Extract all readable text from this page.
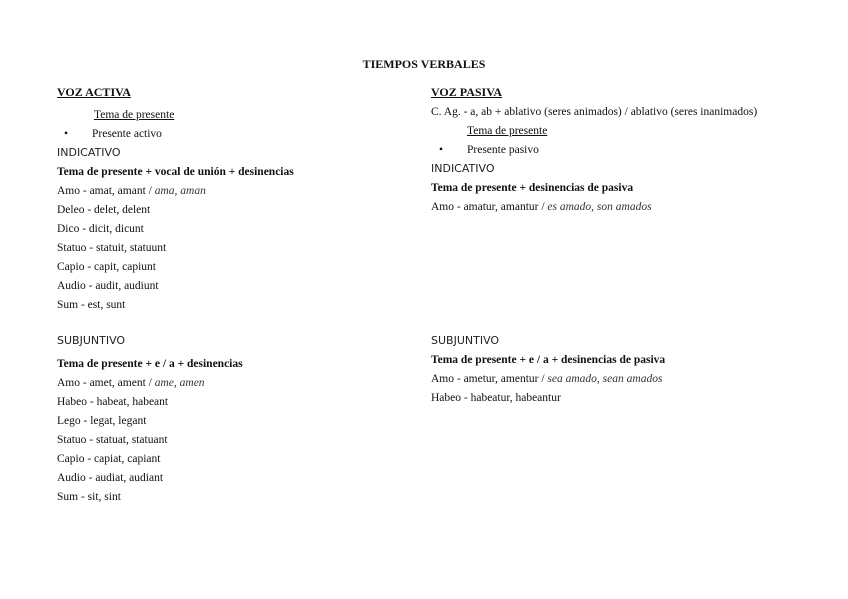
TIEMPOS VERBALES
VOZ ACTIVA
Tema de presente
Presente activo
INDICATIVO
Tema de presente + vocal de unión + desinencias
Amo - amat, amant / ama, aman
Deleo - delet, delent
Dico - dicit, dicunt
Statuo - statuit, statuunt
Capio - capit, capiunt
Audio - audit, audiunt
Sum - est, sunt
SUBJUNTIVO
Tema de presente + e / a + desinencias
Amo - amet, ament / ame, amen
Habeo - habeat, habeant
Lego - legat, legant
Statuo - statuat, statuant
Capio - capiat, capiant
Audio - audiat, audiant
Sum - sit, sint
VOZ PASIVA
C. Ag. - a, ab + ablativo (seres animados) / ablativo (seres inanimados)
Tema de presente
Presente pasivo
INDICATIVO
Tema de presente + desinencias de pasiva
Amo - amatur, amantur / es amado, son amados
SUBJUNTIVO
Tema de presente + e / a + desinencias de pasiva
Amo - ametur, amentur / sea amado, sean amados
Habeo - habeatur, habeantur
